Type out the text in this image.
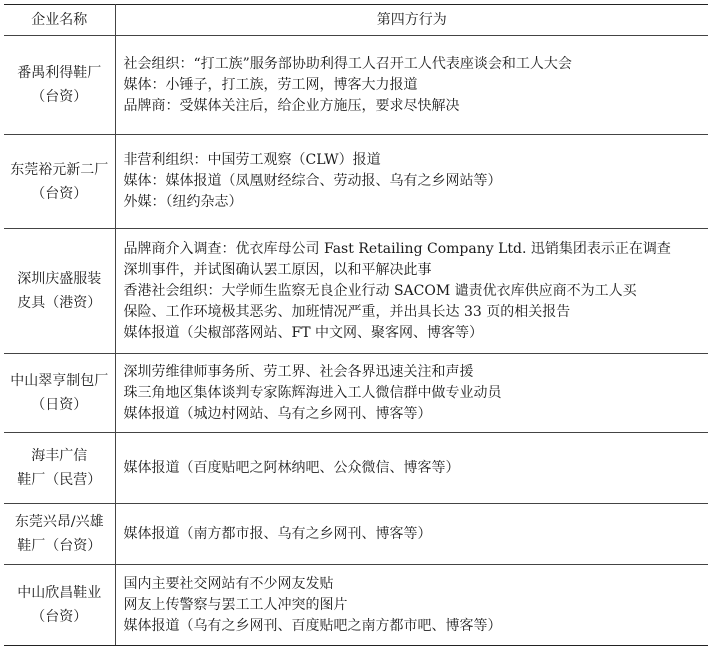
企业名称	第四方行为

番禺利得鞋厂
（台资）	社会组织：“打工族”服务部协助利得工人召开工人代表座谈会和工人大会
媒体：小锤子，打工族，劳工网，博客大力报道
品牌商：受媒体关注后，给企业方施压，要求尽快解决

东莞裕元新二厂
（台资）	非营利组织：中国劳工观察（CLW）报道
媒体：媒体报道（凤凰财经综合、劳动报、乌有之乡网站等）
外媒：（纽约杂志）

深圳庆盛服装
皮具（港资）	品牌商介入调查：优衣库母公司 Fast Retailing Company Ltd. 迅销集团表示正在调查
深圳事件，并试图确认罢工原因，以和平解决此事
香港社会组织：大学师生监察无良企业行动 SACOM 谴责优衣库供应商不为工人买
保险、工作环境极其恶劣、加班情况严重，并出具长达 33 页的相关报告
媒体报道（尖椒部落网站、FT 中文网、聚客网、博客等）

中山翠亨制包厂
（日资）	深圳劳维律师事务所、劳工界、社会各界迅速关注和声援
珠三角地区集体谈判专家陈辉海进入工人微信群中做专业动员
媒体报道（城边村网站、乌有之乡网刊、博客等）

海丰广信
鞋厂（民营）	媒体报道（百度贴吧之阿林纳吧、公众微信、博客等）

东莞兴昂/兴雄
鞋厂（台资）	媒体报道（南方都市报、乌有之乡网刊、博客等）

中山欣昌鞋业
（台资）	国内主要社交网站有不少网友发贴
网友上传警察与罢工工人冲突的图片
媒体报道（乌有之乡网刊、百度贴吧之南方都市吧、博客等）
